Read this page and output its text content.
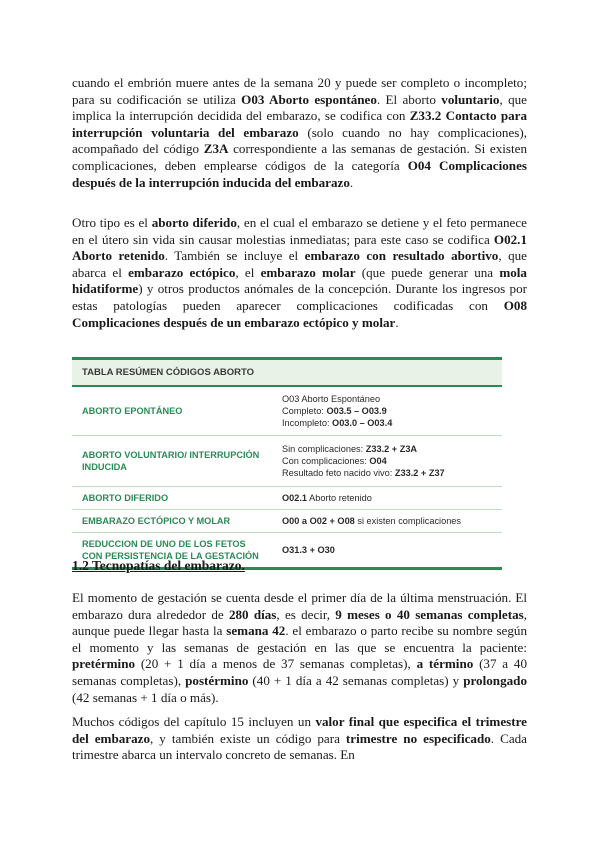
cuando el embrión muere antes de la semana 20 y puede ser completo o incompleto; para su codificación se utiliza O03 Aborto espontáneo. El aborto voluntario, que implica la interrupción decidida del embarazo, se codifica con Z33.2 Contacto para interrupción voluntaria del embarazo (solo cuando no hay complicaciones), acompañado del código Z3A correspondiente a las semanas de gestación. Si existen complicaciones, deben emplearse códigos de la categoría O04 Complicaciones después de la interrupción inducida del embarazo.

Otro tipo es el aborto diferido, en el cual el embarazo se detiene y el feto permanece en el útero sin vida sin causar molestias inmediatas; para este caso se codifica O02.1 Aborto retenido. También se incluye el embarazo con resultado abortivo, que abarca el embarazo ectópico, el embarazo molar (que puede generar una mola hidatiforme) y otros productos anómales de la concepción. Durante los ingresos por estas patologías pueden aparecer complicaciones codificadas con O08 Complicaciones después de un embarazo ectópico y molar.

TABLA RESÚMEN CÓDIGOS ABORTO
ABORTO EPONTÁNEO
O03 Aborto Espontáneo
Completo: O03.5 – O03.9
Incompleto: O03.0 – O03.4
ABORTO VOLUNTARIO/ INTERRUPCIÓN INDUCIDA
Sin complicaciones: Z33.2 + Z3A
Con complicaciones: O04
Resultado feto nacido vivo: Z33.2 + Z37
ABORTO DIFERIDO	O02.1 Aborto retenido
EMBARAZO ECTÓPICO Y MOLAR	O00 a O02 + O08 si existen complicaciones
REDUCCION DE UNO DE LOS FETOS CON PERSISTENCIA DE LA GESTACIÓN
O31.3 + O30

1.2 Tecnopatías del embarazo.

El momento de gestación se cuenta desde el primer día de la última menstruación. El embarazo dura alrededor de 280 días, es decir, 9 meses o 40 semanas completas, aunque puede llegar hasta la semana 42. el embarazo o parto recibe su nombre según el momento y las semanas de gestación en las que se encuentra la paciente: pretérmino (20 + 1 día a menos de 37 semanas completas), a término (37 a 40 semanas completas), postérmino (40 + 1 día a 42 semanas completas) y prolongado (42 semanas + 1 día o más).

Muchos códigos del capítulo 15 incluyen un valor final que especifica el trimestre del embarazo, y también existe un código para trimestre no especificado. Cada trimestre abarca un intervalo concreto de semanas. En
